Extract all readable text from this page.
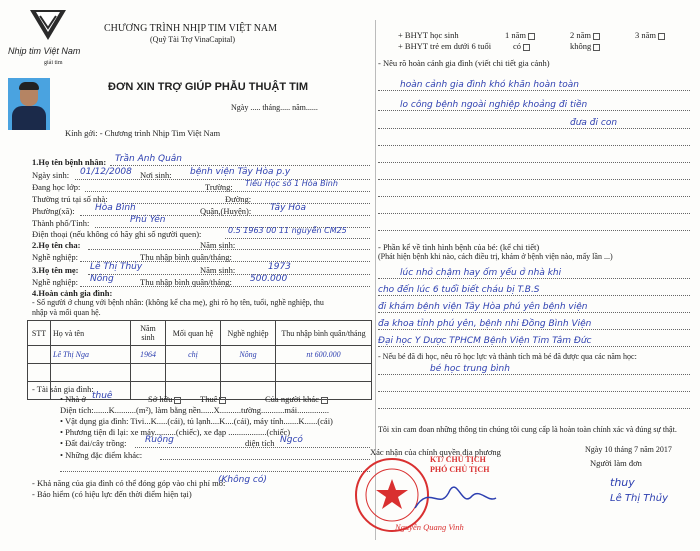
Nhịp tim Việt Nam
giải tim
CHƯƠNG TRÌNH NHỊP TIM VIỆT NAM
(Quỹ Tài Trợ VinaCapital)
ĐƠN XIN TRỢ GIÚP PHẪU THUẬT TIM
Ngày ..... tháng..... năm......
Kính gởi: - Chương trình Nhịp Tim Việt Nam
1.Họ tên bệnh nhân: Trần Anh Quân
Ngày sinh: 01/12/2008 Nơi sinh: bệnh viện Tây Hòa p.y
Đang học lớp:	Trường: Tiểu Học số 1 Hòa Bình
Thường trú tại số nhà:	Đường:
Phường(xã): Hòa Bình	Quận,(Huyện): Tây Hòa
Thành phố/Tỉnh:	Phú Yên
Điện thoại (nếu không có hãy ghi số người quen):	0.5 1963 00 11 nguyễn CM25
2.Họ tên cha:	Năm sinh:
Nghề nghiệp:	Thu nhập bình quân/tháng:
3.Họ tên mẹ: Lê Thị Thủy	Năm sinh:	1973
Nghề nghiệp: Nông	Thu nhập bình quân/tháng: 500.000
4.Hoàn cảnh gia đình:
- Số người ở chung với bệnh nhân: (không kể cha mẹ), ghi rõ họ tên, tuổi, nghề nghiệp, thu
nhập và mối quan hệ.
STT	Họ và tên	Năm sinh	Mối quan hệ	Nghề nghiệp	Thu nhập bình quân/tháng
	Lê Thị Nga	1964	chị	Nông	nt 600.000

- Tài sản gia đình:
• Nhà ở thuê	Sở hữu	Thuê	Của người khác
Diện tích:.......K..........(m²), làm bằng nền......X..........tường...........mái...............
• Vật dụng gia đình: Tivi...K.....(cái), tủ lạnh....K....(cái), máy tính.......K......(cái)
• Phương tiện đi lại: xe máy..........(chiếc), xe đạp ..................(chiếc)
• Đất đai/cây trồng: Ruộng	diện tích Ngcó
• Những đặc điểm khác:
- Khả năng của gia đình có thể đóng góp vào chi phí mổ:
(Không có)
- Bảo hiểm (có hiệu lực đến thời điểm hiện tại)
+ BHYT học sinh	1 năm	2 năm	3 năm
+ BHYT trẻ em dưới 6 tuổi	có	không
- Nêu rõ hoàn cảnh gia đình (viết chi tiết gia cảnh)
hoàn cảnh gia đình khó khăn hoàn toàn
lo công bệnh ngoài nghiệp khoảng đi tiền
đưa đi con
- Phần kể về tình hình bệnh của bé: (kể chi tiết)
(Phát hiện bệnh khi nào, cách điều trị, khám ở bệnh viện nào, mấy lần ...)
lúc nhỏ chậm hay ốm yếu ở nhà khi
cho đến lúc 6 tuổi biết cháu bị T.B.S
đi khám bệnh viện Tây Hòa phú yên bệnh viện
đa khoa tỉnh phú yên, bệnh nhi Đồng Bình Viện
Đại học Y Dược TPHCM Bệnh Viện Tim Tâm Đức
- Nếu bé đã đi học, nêu rõ học lực và thành tích mà bé đã được qua các năm học:
bé học trung bình
Tôi xin cam đoan những thông tin chúng tôi cung cấp là hoàn toàn chính xác và đúng sự thật.
Xác nhận của chính quyền địa phương	Ngày 10 tháng 7 năm 2017
Người làm đơn
KT/ CHỦ TỊCH
PHÓ CHỦ TỊCH
Nguyễn Quang Vinh
thuy
Lê Thị Thủy
